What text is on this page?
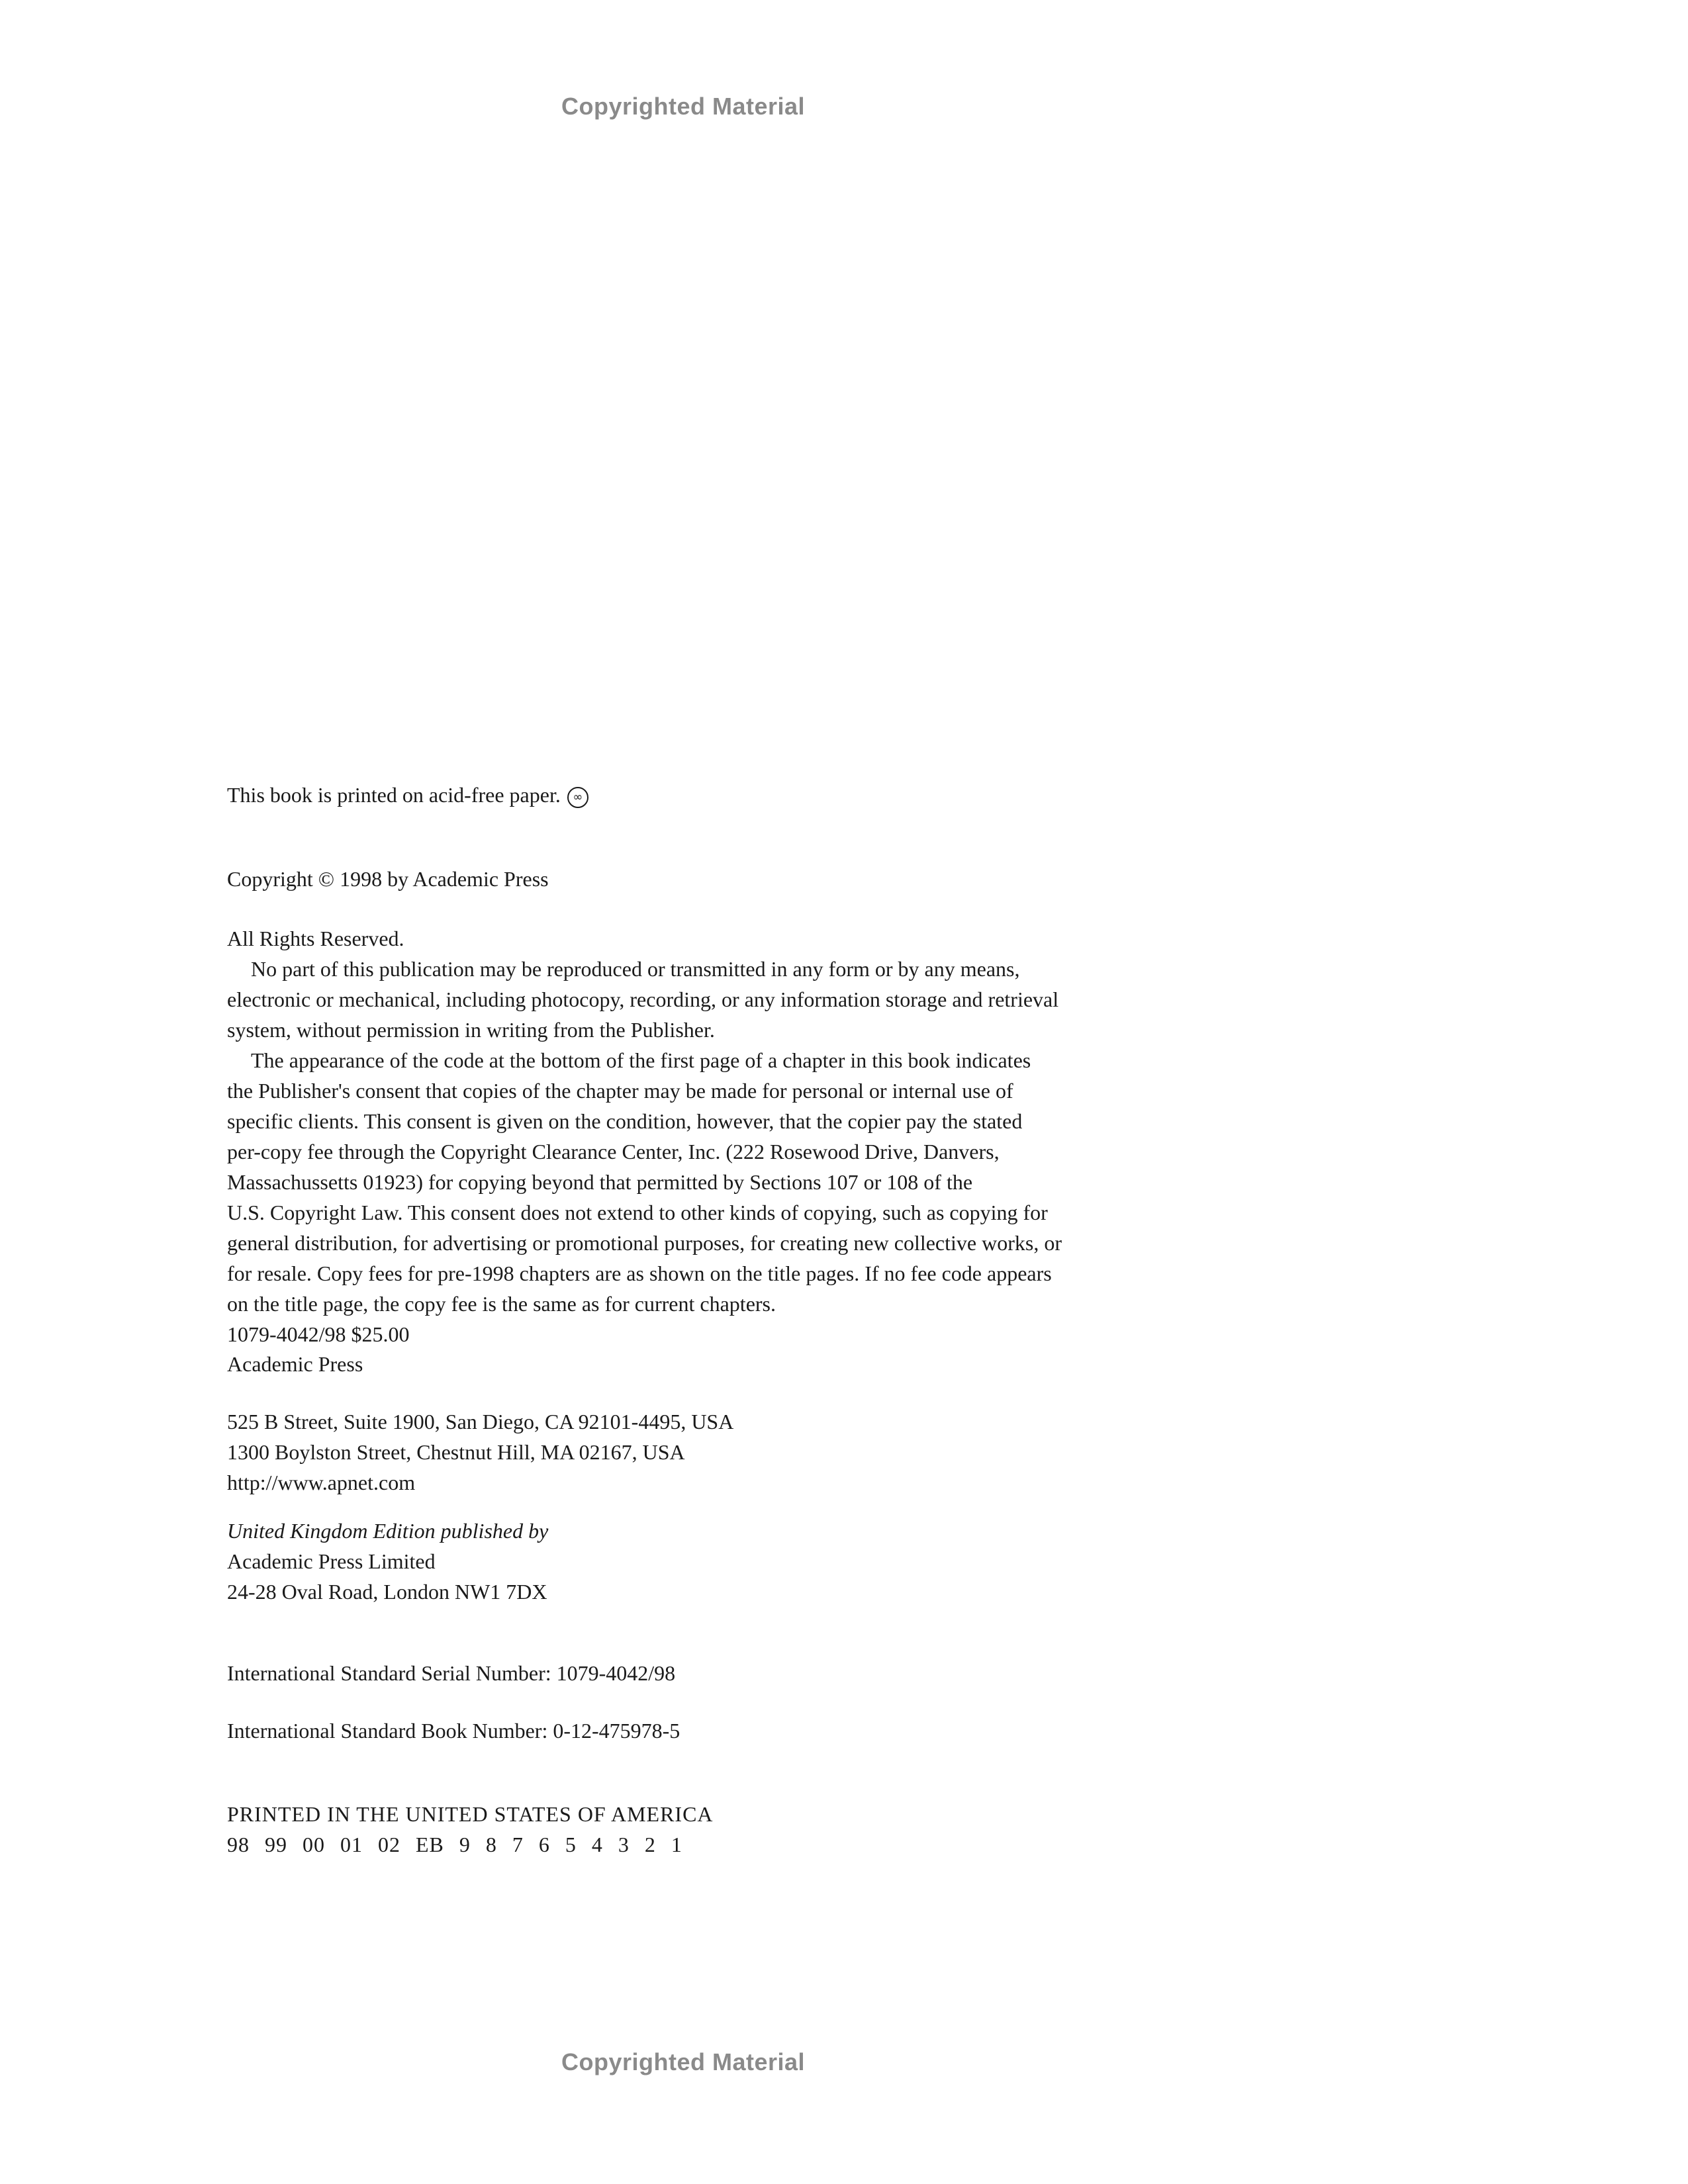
Copyrighted Material
This book is printed on acid-free paper. ∞
Copyright © 1998 by Academic Press
All Rights Reserved.
No part of this publication may be reproduced or transmitted in any form or by any means,
electronic or mechanical, including photocopy, recording, or any information storage and retrieval
system, without permission in writing from the Publisher.
The appearance of the code at the bottom of the first page of a chapter in this book indicates
the Publisher's consent that copies of the chapter may be made for personal or internal use of
specific clients. This consent is given on the condition, however, that the copier pay the stated
per-copy fee through the Copyright Clearance Center, Inc. (222 Rosewood Drive, Danvers,
Massachussetts 01923) for copying beyond that permitted by Sections 107 or 108 of the
U.S. Copyright Law. This consent does not extend to other kinds of copying, such as copying for
general distribution, for advertising or promotional purposes, for creating new collective works, or
for resale. Copy fees for pre-1998 chapters are as shown on the title pages. If no fee code appears
on the title page, the copy fee is the same as for current chapters.
1079-4042/98 $25.00
Academic Press
525 B Street, Suite 1900, San Diego, CA 92101-4495, USA
1300 Boylston Street, Chestnut Hill, MA 02167, USA
http://www.apnet.com
United Kingdom Edition published by
Academic Press Limited
24-28 Oval Road, London NW1 7DX
International Standard Serial Number: 1079-4042/98
International Standard Book Number: 0-12-475978-5
PRINTED IN THE UNITED STATES OF AMERICA
98 99 00 01 02 EB 9 8 7 6 5 4 3 2 1
Copyrighted Material
